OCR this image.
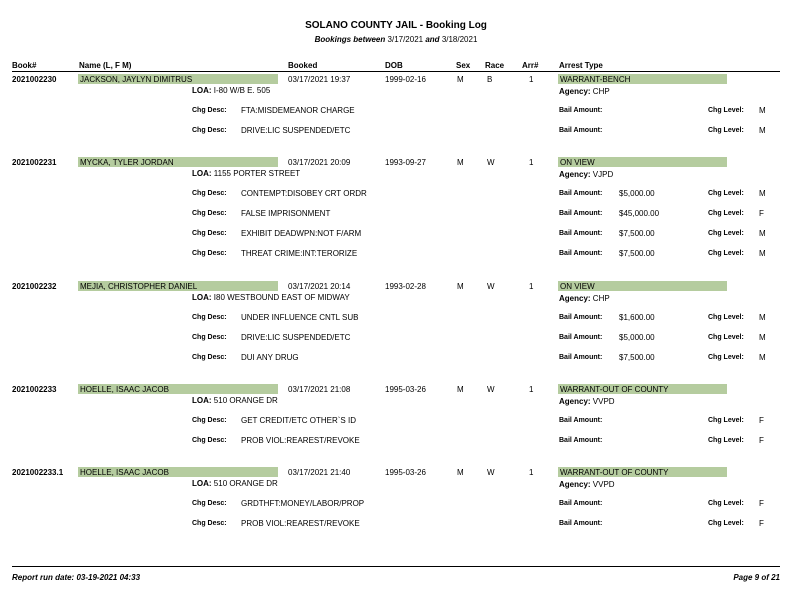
SOLANO COUNTY JAIL - Booking Log
Bookings between 3/17/2021 and 3/18/2021
Book#	Name (L, F M)	Booked	DOB	Sex Race Arr#	Arrest Type
2021002230	JACKSON, JAYLYN DIMITRUS	03/17/2021 19:37	1999-02-16	M	B	1	WARRANT-BENCH
LOA: I-80 W/B E. 505	Agency: CHP
Chg Desc: FTA:MISDEMEANOR CHARGE	Bail Amount:	Chg Level: M
Chg Desc: DRIVE:LIC SUSPENDED/ETC	Bail Amount:	Chg Level: M
2021002231	MYCKA, TYLER JORDAN	03/17/2021 20:09	1993-09-27	M	W	1	ON VIEW
LOA: 1155 PORTER STREET	Agency: VJPD
Chg Desc: CONTEMPT:DISOBEY CRT ORDR	Bail Amount: $5,000.00	Chg Level: M
Chg Desc: FALSE IMPRISONMENT	Bail Amount: $45,000.00	Chg Level: F
Chg Desc: EXHIBIT DEADWPN:NOT F/ARM	Bail Amount: $7,500.00	Chg Level: M
Chg Desc: THREAT CRIME:INT:TERORIZE	Bail Amount: $7,500.00	Chg Level: M
2021002232	MEJIA, CHRISTOPHER DANIEL	03/17/2021 20:14	1993-02-28	M	W	1	ON VIEW
LOA: I80 WESTBOUND EAST OF MIDWAY	Agency: CHP
Chg Desc: UNDER INFLUENCE CNTL SUB	Bail Amount: $1,600.00	Chg Level: M
Chg Desc: DRIVE:LIC SUSPENDED/ETC	Bail Amount: $5,000.00	Chg Level: M
Chg Desc: DUI ANY DRUG	Bail Amount: $7,500.00	Chg Level: M
2021002233	HOELLE, ISAAC JACOB	03/17/2021 21:08	1995-03-26	M	W	1	WARRANT-OUT OF COUNTY
LOA: 510 ORANGE DR	Agency: VVPD
Chg Desc: GET CREDIT/ETC OTHER`S ID	Bail Amount:	Chg Level: F
Chg Desc: PROB VIOL:REAREST/REVOKE	Bail Amount:	Chg Level: F
2021002233.1 HOELLE, ISAAC JACOB	03/17/2021 21:40	1995-03-26	M	W	1	WARRANT-OUT OF COUNTY
LOA: 510 ORANGE DR	Agency: VVPD
Chg Desc: GRDTHFT:MONEY/LABOR/PROP	Bail Amount:	Chg Level: F
Chg Desc: PROB VIOL:REAREST/REVOKE	Bail Amount:	Chg Level: F
Report run date: 03-19-2021 04:33	Page 9 of 21
